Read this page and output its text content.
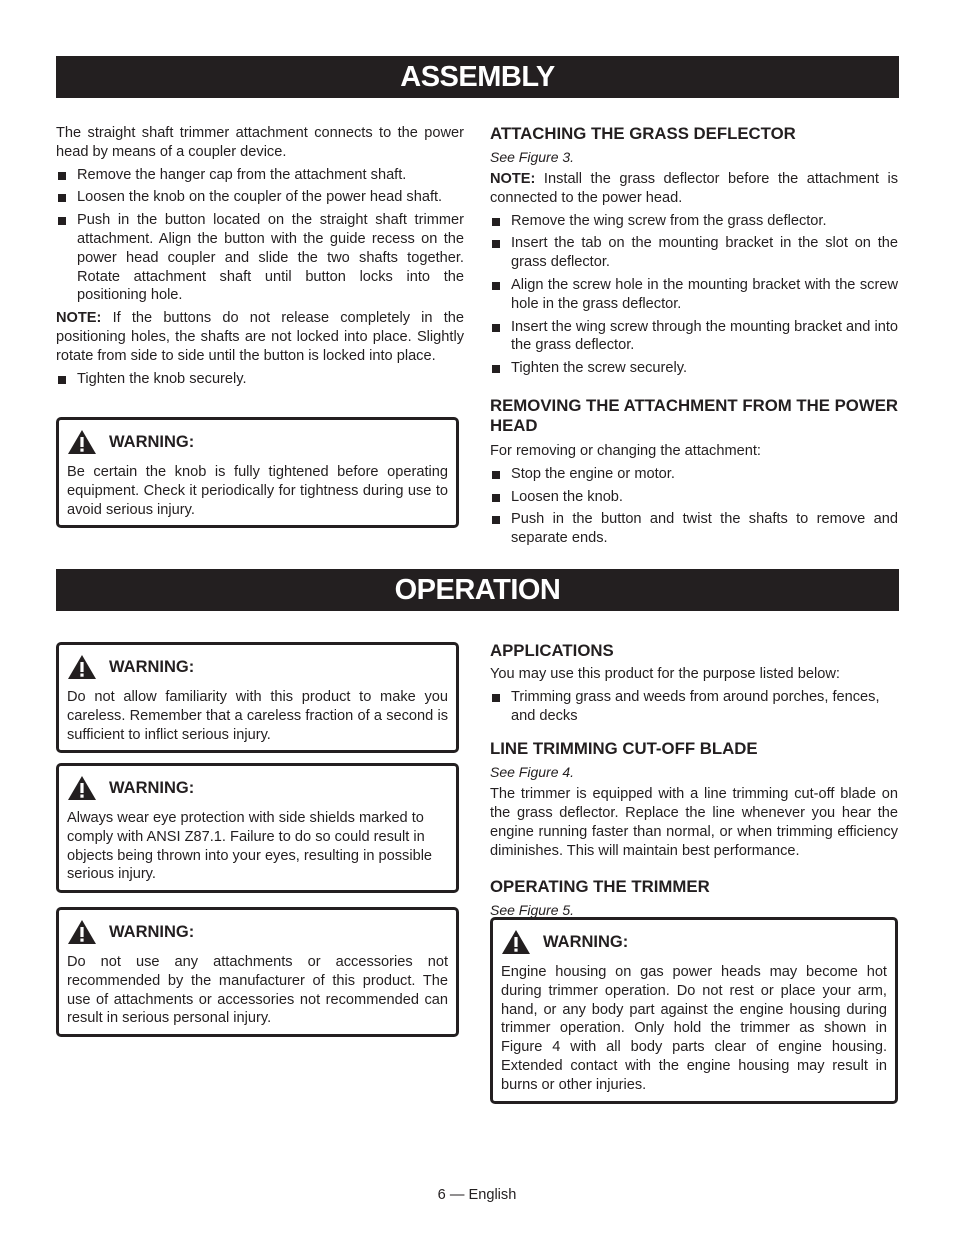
ASSEMBLY

The straight shaft trimmer attachment connects to the power head by means of a coupler device.

Remove the hanger cap from the attachment shaft.
Loosen the knob on the coupler of the power head shaft.
Push in the button located on the straight shaft trimmer attachment. Align the button with the guide recess on the power head coupler and slide the two shafts together. Rotate attachment shaft until button locks into the positioning hole.

NOTE: If the buttons do not release completely in the positioning holes, the shafts are not locked into place. Slightly rotate from side to side until the button is locked into place.

Tighten the knob securely.
WARNING:
Be certain the knob is fully tightened before operating equipment. Check it periodically for tightness during use to avoid serious injury.

ATTACHING THE GRASS DEFLECTOR

See Figure 3.

NOTE: Install the grass deflector before the attachment is connected to the power head.

Remove the wing screw from the grass deflector.
Insert the tab on the mounting bracket in the slot on the grass deflector.
Align the screw hole in the mounting bracket with the screw hole in the grass deflector.
Insert the wing screw through the mounting bracket and into the grass deflector.
Tighten the screw securely.

REMOVING THE ATTACHMENT FROM THE POWER HEAD

For removing or changing the attachment:

Stop the engine or motor.
Loosen the knob.
Push in the button and twist the shafts to remove and separate ends.
OPERATION
WARNING:
Do not allow familiarity with this product to make you careless. Remember that a careless fraction of a second is sufficient to inflict serious injury.
WARNING:
Always wear eye protection with side shields marked to comply with ANSI Z87.1. Failure to do so could result in objects being thrown into your eyes, resulting in possible serious injury.
WARNING:
Do not use any attachments or accessories not recommended by the manufacturer of this product. The use of attachments or accessories not recommended can result in serious personal injury.

APPLICATIONS

You may use this product for the purpose listed below:

Trimming grass and weeds from around porches, fences, and decks

LINE TRIMMING CUT-OFF BLADE

See Figure 4.

The trimmer is equipped with a line trimming cut-off blade on the grass deflector. Replace the line whenever you hear the engine running faster than normal, or when trimming efficiency diminishes. This will maintain best performance.

OPERATING THE TRIMMER

See Figure 5.

WARNING:
Engine housing on gas power heads may become hot during trimmer operation. Do not rest or place your arm, hand, or any body part against the engine housing during trimmer operation. Only hold the trimmer as shown in Figure 4 with all body parts clear of engine housing. Extended contact with the engine housing may result in burns or other injuries.
6 — English
